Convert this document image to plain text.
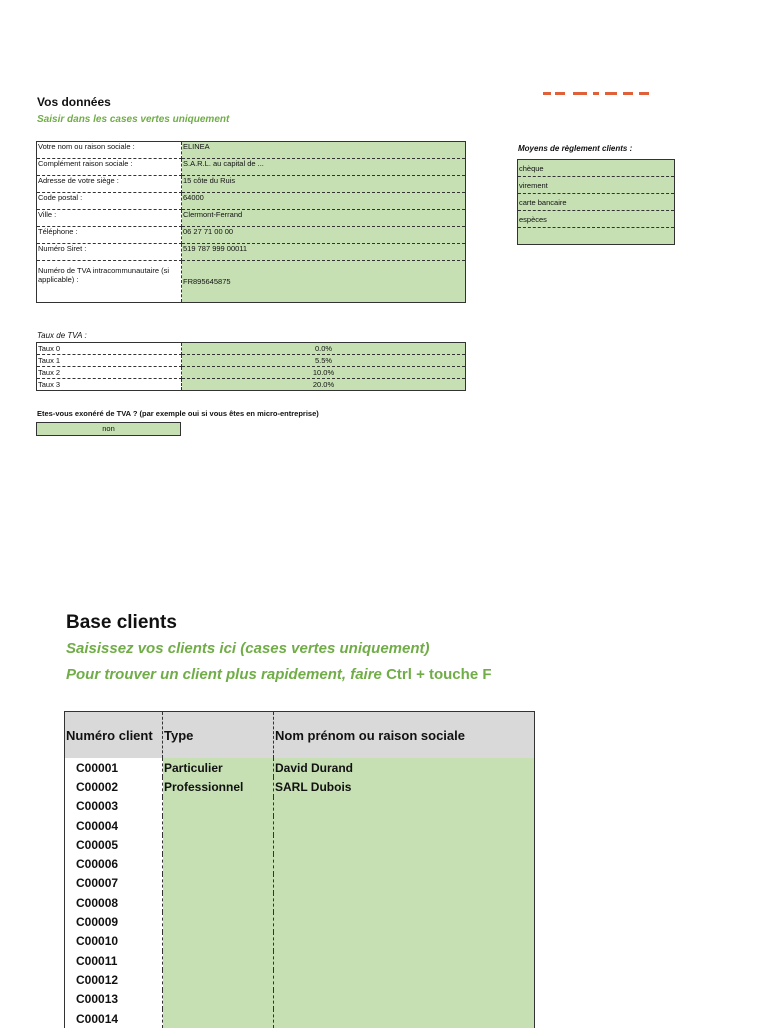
Vos données
Saisir dans les cases vertes uniquement
Votre nom ou raison sociale :	ELINEA
Complément raison sociale :	S.A.R.L. au capital de ...
Adresse de votre siège :	15 côte du Ruis
Code postal :	64000
Ville :	Clermont-Ferrand
Téléphone :	06 27 71 00 00
Numéro Siret :	519 787 999 00011
Numéro de TVA intracommunautaire (si applicable) :	FR895645875
Moyens de règlement clients :
chèque
virement
carte bancaire
espèces

Taux de TVA :
Taux 0	0.0%
Taux 1	5.5%
Taux 2	10.0%
Taux 3	20.0%
Etes-vous exonéré de TVA ? (par exemple oui si vous êtes en micro-entreprise)
non
Base clients
Saisissez vos clients ici (cases vertes uniquement)
Pour trouver un client plus rapidement, faire Ctrl + touche F
Numéro client	Type	Nom prénom ou raison sociale
C00001	Particulier	David Durand
C00002	Professionnel	SARL Dubois
C00003		
C00004		
C00005		
C00006		
C00007		
C00008		
C00009		
C00010		
C00011		
C00012		
C00013		
C00014		
